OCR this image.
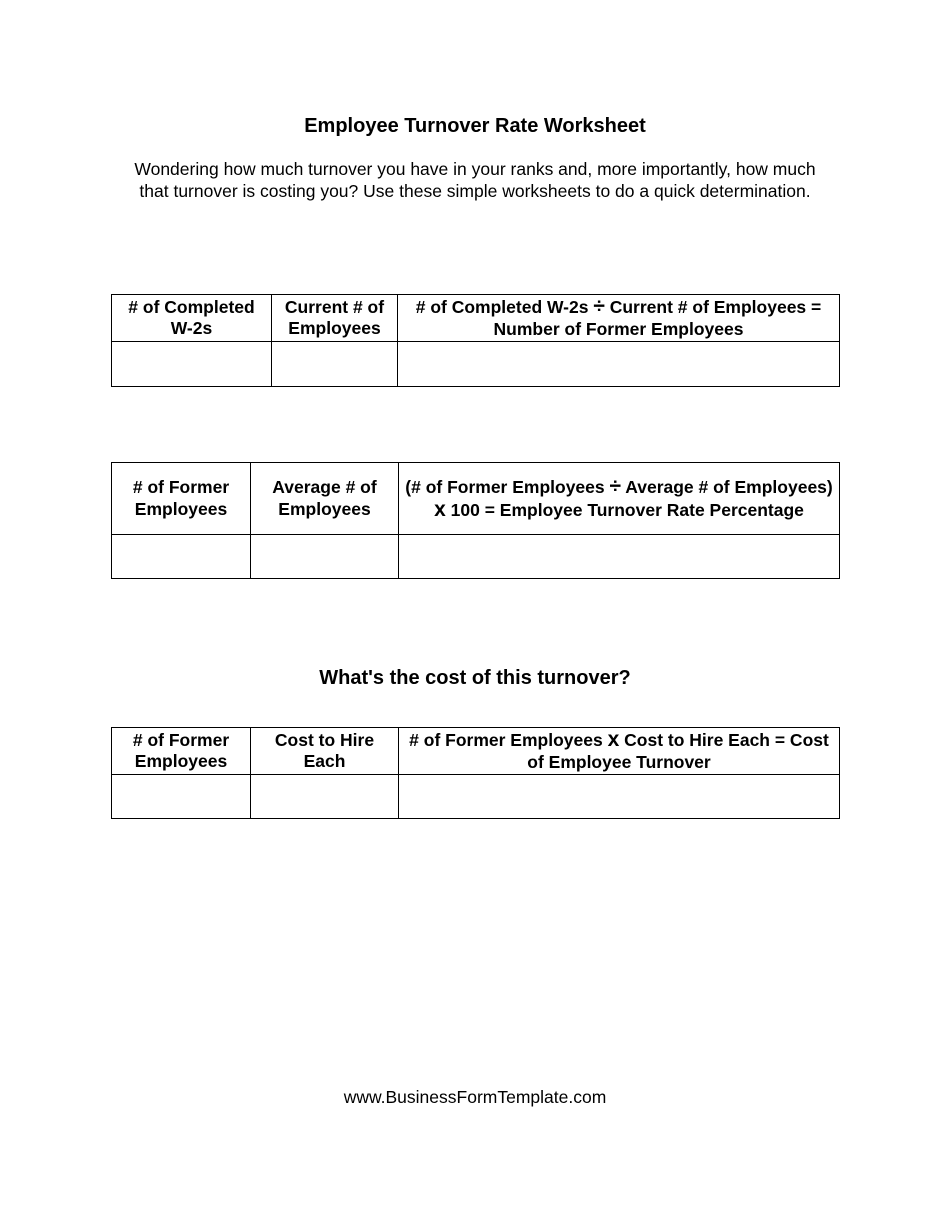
Employee Turnover Rate Worksheet
Wondering how much turnover you have in your ranks and, more importantly, how much that turnover is costing you? Use these simple worksheets to do a quick determination.
# of Completed W-2s	Current # of Employees	# of Completed W-2s ÷ Current # of Employees = Number of Former Employees

# of Former Employees	Average # of Employees	(# of Former Employees ÷ Average # of Employees) x 100 = Employee Turnover Rate Percentage

What's the cost of this turnover?
# of Former Employees	Cost to Hire Each	# of Former Employees x Cost to Hire Each = Cost of Employee Turnover

www.BusinessFormTemplate.com
